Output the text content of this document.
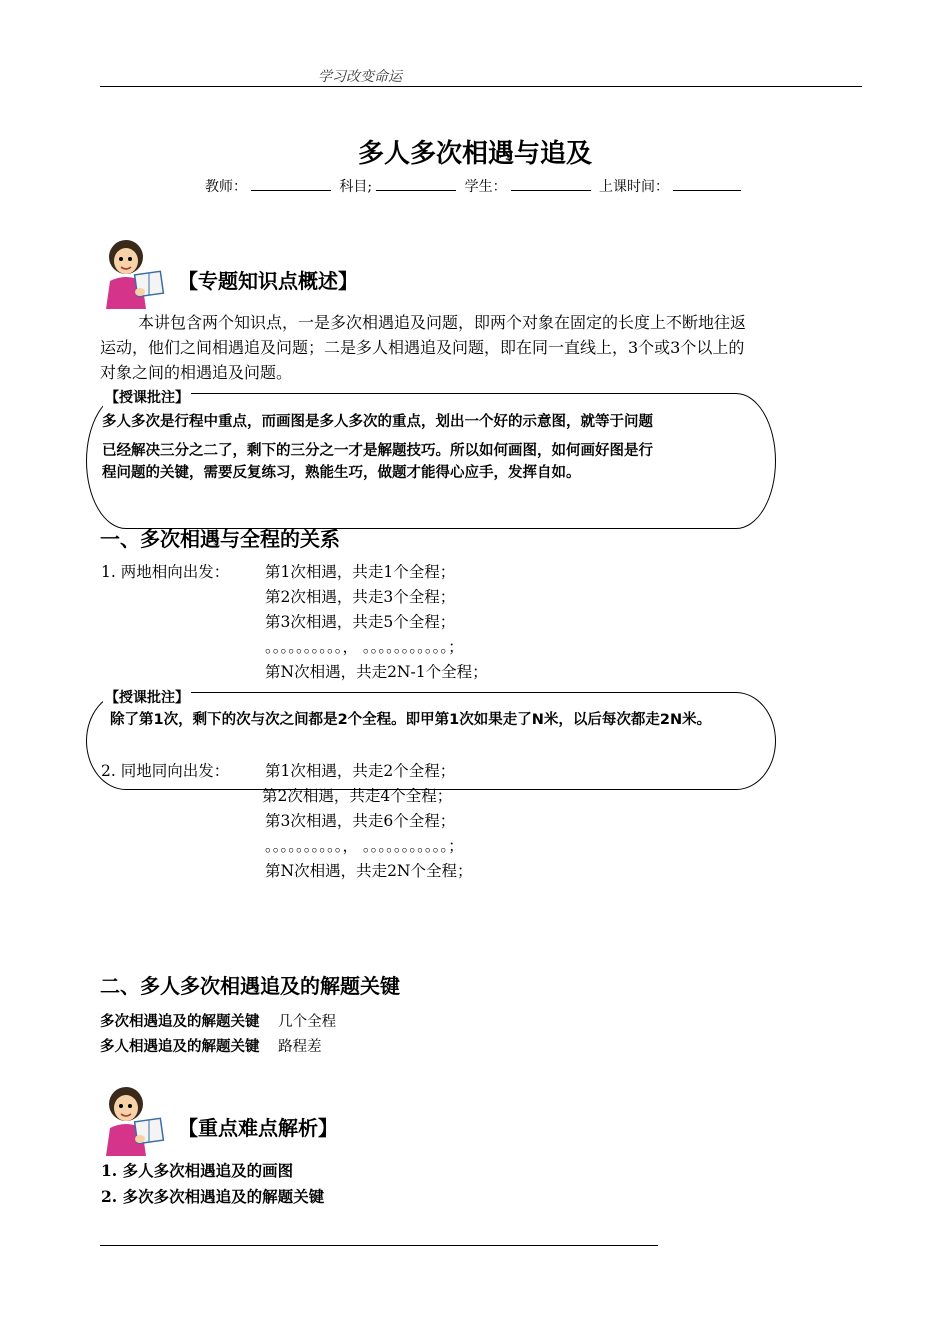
学习改变命运
多人多次相遇与追及
教师：	科目;	学生：	上课时间：
【专题知识点概述】
本讲包含两个知识点，一是多次相遇追及问题，即两个对象在固定的长度上不断地往返
运动，他们之间相遇追及问题；二是多人相遇追及问题，即在同一直线上，3个或3个以上的
对象之间的相遇追及问题。
【授课批注】
多人多次是行程中重点，而画图是多人多次的重点，划出一个好的示意图，就等于问题
已经解决三分之二了，剩下的三分之一才是解题技巧。所以如何画图，如何画好图是行
程问题的关键，需要反复练习，熟能生巧，做题才能得心应手，发挥自如。
一、多次相遇与全程的关系
1. 两地相向出发： 第1次相遇，共走1个全程；
第2次相遇，共走3个全程；
第3次相遇，共走5个全程；
。。。。。。。。。。， 。。。。。。。。。。。；
第N次相遇，共走2N-1个全程；
【授课批注】
除了第1次，剩下的次与次之间都是2个全程。即甲第1次如果走了N米，以后每次都走2N米。
2. 同地同向出发： 第1次相遇，共走2个全程；
第2次相遇，共走4个全程；
第3次相遇，共走6个全程；
。。。。。。。。。。， 。。。。。。。。。。。；
第N次相遇，共走2N个全程；
二、多人多次相遇追及的解题关键
多次相遇追及的解题关键 几个全程
多人相遇追及的解题关键 路程差
【重点难点解析】
1. 多人多次相遇追及的画图
2. 多次多次相遇追及的解题关键
